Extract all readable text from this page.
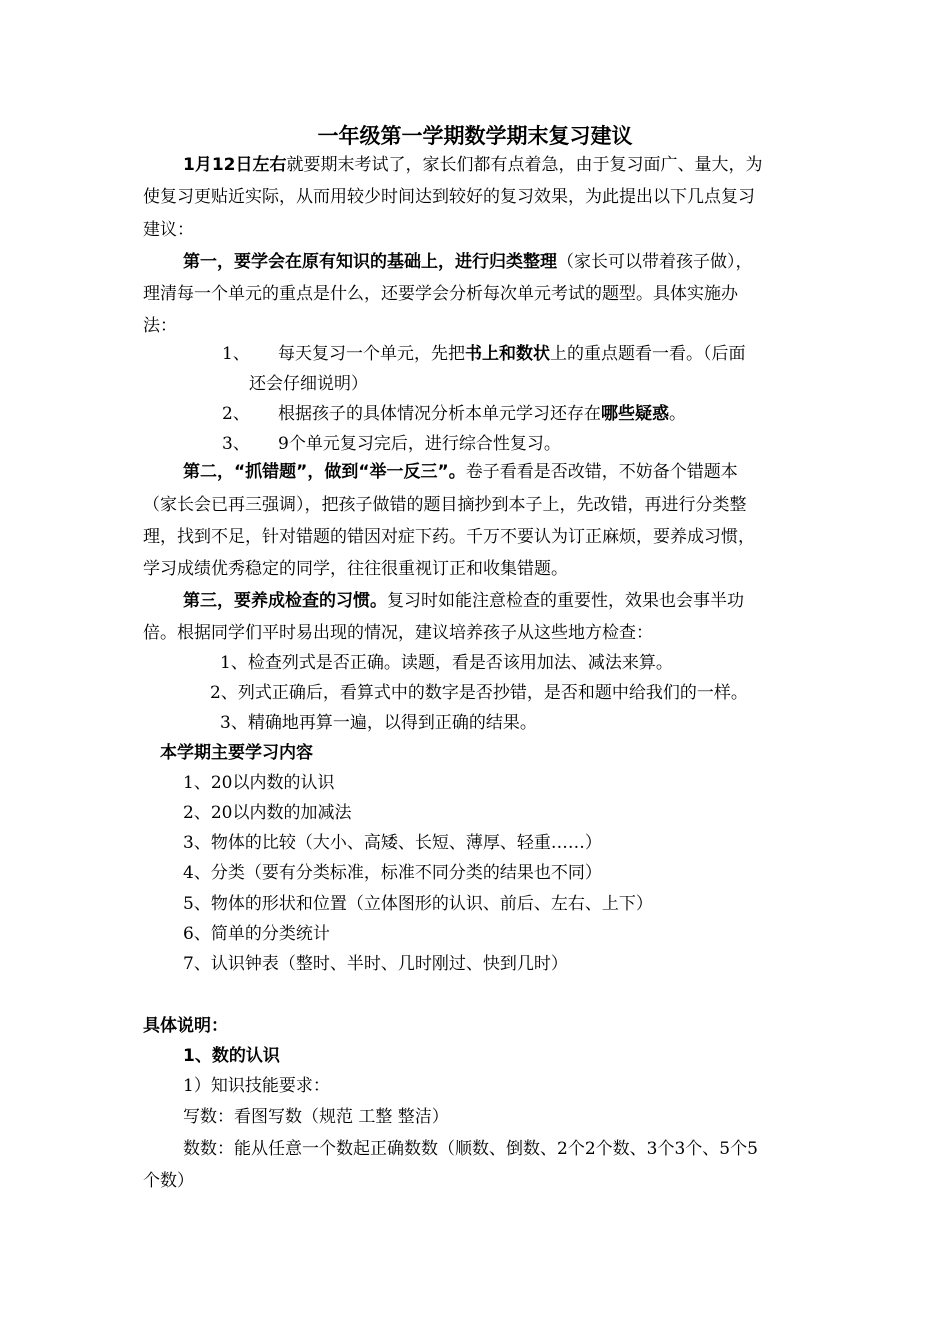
一年级第一学期数学期末复习建议
1月12日左右就要期末考试了，家长们都有点着急，由于复习面广、量大，为
使复习更贴近实际，从而用较少时间达到较好的复习效果，为此提出以下几点复习
建议：
第一，要学会在原有知识的基础上，进行归类整理（家长可以带着孩子做），
理清每一个单元的重点是什么，还要学会分析每次单元考试的题型。具体实施办
法：
1、 每天复习一个单元，先把书上和数状上的重点题看一看。（后面
还会仔细说明）
2、 根据孩子的具体情况分析本单元学习还存在哪些疑惑。
3、 9个单元复习完后，进行综合性复习。
第二，“抓错题”，做到“举一反三”。卷子看看是否改错，不妨备个错题本
（家长会已再三强调），把孩子做错的题目摘抄到本子上，先改错，再进行分类整
理，找到不足，针对错题的错因对症下药。千万不要认为订正麻烦，要养成习惯，
学习成绩优秀稳定的同学，往往很重视订正和收集错题。
第三，要养成检查的习惯。复习时如能注意检查的重要性，效果也会事半功
倍。根据同学们平时易出现的情况，建议培养孩子从这些地方检查：
1、检查列式是否正确。读题，看是否该用加法、减法来算。
2、列式正确后，看算式中的数字是否抄错，是否和题中给我们的一样。
3、精确地再算一遍，以得到正确的结果。
本学期主要学习内容
1、20以内数的认识
2、20以内数的加减法
3、物体的比较（大小、高矮、长短、薄厚、轻重……）
4、分类（要有分类标准，标准不同分类的结果也不同）
5、物体的形状和位置（立体图形的认识、前后、左右、上下）
6、简单的分类统计
7、认识钟表（整时、半时、几时刚过、快到几时）
具体说明：
1、数的认识
1）知识技能要求：
写数：看图写数（规范 工整 整洁）
数数：能从任意一个数起正确数数（顺数、倒数、2个2个数、3个3个、5个5
个数）
